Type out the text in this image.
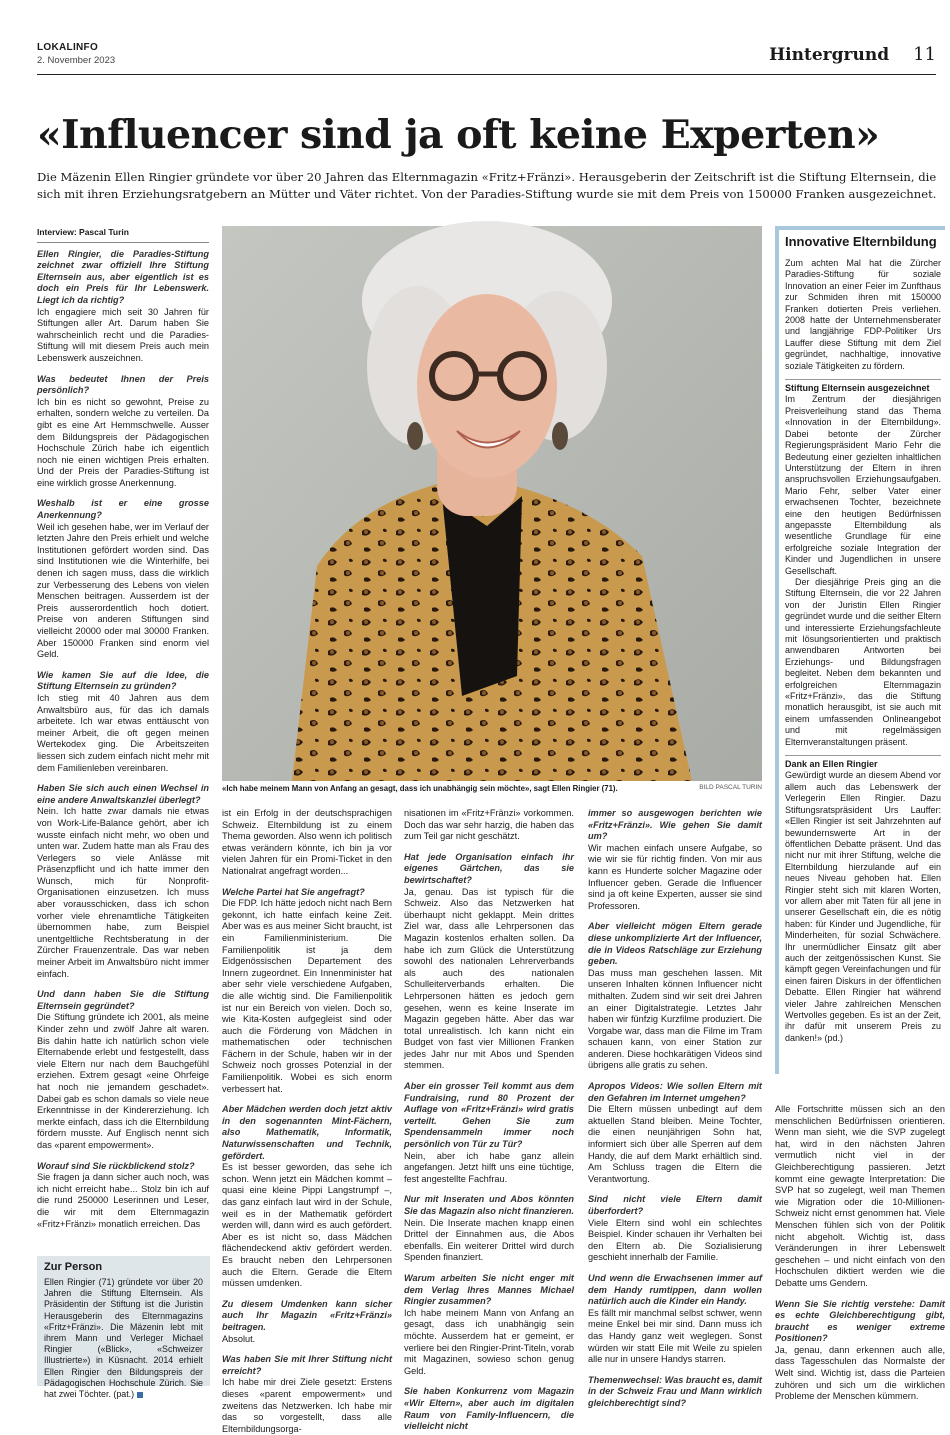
LOKALINFO
2. November 2023	Hintergrund 11
«Influencer sind ja oft keine Experten»

Die Mäzenin Ellen Ringier gründete vor über 20 Jahren das Elternmagazin «Fritz+Fränzi». Herausgeberin der Zeitschrift ist die Stiftung Elternsein, die sich mit ihren Erziehungsratgebern an Mütter und Väter richtet. Von der Paradies-Stiftung wurde sie mit dem Preis von 150000 Franken ausgezeichnet.

Interview: Pascal Turin

Ellen Ringier, die Paradies-Stiftung zeichnet zwar offiziell Ihre Stiftung Elternsein aus, aber eigentlich ist es doch ein Preis für Ihr Lebenswerk. Liegt ich da richtig?

Ich engagiere mich seit 30 Jahren für Stiftungen aller Art. Darum haben Sie wahrscheinlich recht und die Paradies-Stiftung will mit diesem Preis auch mein Lebenswerk auszeichnen.

Was bedeutet Ihnen der Preis persönlich?

Ich bin es nicht so gewohnt, Preise zu erhalten, sondern welche zu verteilen. Da gibt es eine Art Hemmschwelle. Ausser dem Bildungspreis der Pädagogischen Hochschule Zürich habe ich eigentlich noch nie einen wichtigen Preis erhalten. Und der Preis der Paradies-Stiftung ist eine wirklich grosse Anerkennung.

Weshalb ist er eine grosse Anerkennung?

Weil ich gesehen habe, wer im Verlauf der letzten Jahre den Preis erhielt und welche Institutionen gefördert worden sind. Das sind Institutionen wie die Winterhilfe, bei denen ich sagen muss, dass die wirklich zur Verbesserung des Lebens von vielen Menschen beitragen. Ausserdem ist der Preis ausserordentlich hoch dotiert. Preise von anderen Stiftungen sind vielleicht 20000 oder mal 30000 Franken. Aber 150000 Franken sind enorm viel Geld.

Wie kamen Sie auf die Idee, die Stiftung Elternsein zu gründen?

Ich stieg mit 40 Jahren aus dem Anwaltsbüro aus, für das ich damals arbeitete. Ich war etwas enttäuscht von meiner Arbeit, die oft gegen meinen Wertekodex ging. Die Arbeitszeiten liessen sich zudem einfach nicht mehr mit dem Familienleben vereinbaren.

Haben Sie sich auch einen Wechsel in eine andere Anwaltskanzlei überlegt?

Nein. Ich hatte zwar damals nie etwas von Work-Life-Balance gehört, aber ich wusste einfach nicht mehr, wo oben und unten war. Zudem hatte man als Frau des Verlegers so viele Anlässe mit Präsenzpflicht und ich hatte immer den Wunsch, mich für Nonprofit-Organisationen einzusetzen. Ich muss aber vorausschicken, dass ich schon vorher viele ehrenamtliche Tätigkeiten übernommen habe, zum Beispiel unentgeltliche Rechtsberatung in der Zürcher Frauenzentrale. Das war neben meiner Arbeit im Anwaltsbüro nicht immer einfach.

Und dann haben Sie die Stiftung Elternsein gegründet?

Die Stiftung gründete ich 2001, als meine Kinder zehn und zwölf Jahre alt waren. Bis dahin hatte ich natürlich schon viele Elternabende erlebt und festgestellt, dass viele Eltern nur nach dem Bauchgefühl erziehen. Extrem gesagt «eine Ohrfeige hat noch nie jemandem geschadet». Dabei gab es schon damals so viele neue Erkenntnisse in der Kindererziehung. Ich merkte einfach, dass ich die Elternbildung fördern musste. Auf Englisch nennt sich das «parent empowerment».

Worauf sind Sie rückblickend stolz?

Sie fragen ja dann sicher auch noch, was ich nicht erreicht habe... Stolz bin ich auf die rund 250000 Leserinnen und Leser, die wir mit dem Elternmagazin «Fritz+Fränzi» monatlich erreichen. Das

«Ich habe meinem Mann von Anfang an gesagt, dass ich unabhängig sein möchte», sagt Ellen Ringier (71).	BILD PASCAL TURIN

ist ein Erfolg in der deutschsprachigen Schweiz. Elternbildung ist zu einem Thema geworden. Also wenn ich politisch etwas verändern könnte, ich bin ja vor vielen Jahren für ein Promi-Ticket in den Nationalrat angefragt worden...

Welche Partei hat Sie angefragt?

Die FDP. Ich hätte jedoch nicht nach Bern gekonnt, ich hatte einfach keine Zeit. Aber was es aus meiner Sicht braucht, ist ein Familienministerium. Die Familienpolitik ist ja dem Eidgenössischen Departement des Innern zugeordnet. Ein Innenminister hat aber sehr viele verschiedene Aufgaben, die alle wichtig sind. Die Familienpolitik ist nur ein Bereich von vielen. Doch so, wie Kita-Kosten aufgegleist sind oder auch die Förderung von Mädchen in mathematischen oder technischen Fächern in der Schule, haben wir in der Schweiz noch grosses Potenzial in der Familienpolitik. Wobei es sich enorm verbessert hat.

Aber Mädchen werden doch jetzt aktiv in den sogenannten Mint-Fächern, also Mathematik, Informatik, Naturwissenschaften und Technik, gefördert.

Es ist besser geworden, das sehe ich schon. Wenn jetzt ein Mädchen kommt – quasi eine kleine Pippi Langstrumpf –, das ganz einfach laut wird in der Schule, weil es in der Mathematik gefördert werden will, dann wird es auch gefördert. Aber es ist nicht so, dass Mädchen flächendeckend aktiv gefördert werden. Es braucht neben den Lehrpersonen auch die Eltern. Gerade die Eltern müssen umdenken.

Zu diesem Umdenken kann sicher auch Ihr Magazin «Fritz+Fränzi» beitragen.

Absolut.

Was haben Sie mit Ihrer Stiftung nicht erreicht?

Ich habe mir drei Ziele gesetzt: Erstens dieses «parent empowerment» und zweitens das Netzwerken. Ich habe mir das so vorgestellt, dass alle Elternbildungsorga-

nisationen im «Fritz+Fränzi» vorkommen. Doch das war sehr harzig, die haben das zum Teil gar nicht geschätzt.

Hat jede Organisation einfach ihr eigenes Gärtchen, das sie bewirtschaftet?

Ja, genau. Das ist typisch für die Schweiz. Also das Netzwerken hat überhaupt nicht geklappt. Mein drittes Ziel war, dass alle Lehrpersonen das Magazin kostenlos erhalten sollen. Da habe ich zum Glück die Unterstützung sowohl des nationalen Lehrerverbands als auch des nationalen Schulleiterverbands erhalten. Die Lehrpersonen hätten es jedoch gern gesehen, wenn es keine Inserate im Magazin gegeben hätte. Aber das war total unrealistisch. Ich kann nicht ein Budget von fast vier Millionen Franken jedes Jahr nur mit Abos und Spenden stemmen.

Aber ein grosser Teil kommt aus dem Fundraising, rund 80 Prozent der Auflage von «Fritz+Fränzi» wird gratis verteilt. Gehen Sie zum Spendensammeln immer noch persönlich von Tür zu Tür?

Nein, aber ich habe ganz allein angefangen. Jetzt hilft uns eine tüchtige, fest angestellte Fachfrau.

Nur mit Inseraten und Abos könnten Sie das Magazin also nicht finanzieren.

Nein. Die Inserate machen knapp einen Drittel der Einnahmen aus, die Abos ebenfalls. Ein weiterer Drittel wird durch Spenden finanziert.

Warum arbeiten Sie nicht enger mit dem Verlag Ihres Mannes Michael Ringier zusammen?

Ich habe meinem Mann von Anfang an gesagt, dass ich unabhängig sein möchte. Ausserdem hat er gemeint, er verliere bei den Ringier-Print-Titeln, vorab mit Magazinen, sowieso schon genug Geld.

Sie haben Konkurrenz vom Magazin «Wir Eltern», aber auch im digitalen Raum von Family-Influencern, die vielleicht nicht

immer so ausgewogen berichten wie «Fritz+Fränzi». Wie gehen Sie damit um?

Wir machen einfach unsere Aufgabe, so wie wir sie für richtig finden. Von mir aus kann es Hunderte solcher Magazine oder Influencer geben. Gerade die Influencer sind ja oft keine Experten, ausser sie sind Professoren.

Aber vielleicht mögen Eltern gerade diese unkomplizierte Art der Influencer, die in Videos Ratschläge zur Erziehung geben.

Das muss man geschehen lassen. Mit unseren Inhalten können Influencer nicht mithalten. Zudem sind wir seit drei Jahren an einer Digitalstrategie. Letztes Jahr haben wir fünfzig Kurzfilme produziert. Die Vorgabe war, dass man die Filme im Tram schauen kann, von einer Station zur anderen. Diese hochkarätigen Videos sind übrigens alle gratis zu sehen.

Apropos Videos: Wie sollen Eltern mit den Gefahren im Internet umgehen?

Die Eltern müssen unbedingt auf dem aktuellen Stand bleiben. Meine Tochter, die einen neunjährigen Sohn hat, informiert sich über alle Sperren auf dem Handy, die auf dem Markt erhältlich sind. Am Schluss tragen die Eltern die Verantwortung.

Sind nicht viele Eltern damit überfordert?

Viele Eltern sind wohl ein schlechtes Beispiel. Kinder schauen ihr Verhalten bei den Eltern ab. Die Sozialisierung geschieht innerhalb der Familie.

Und wenn die Erwachsenen immer auf dem Handy rumtippen, dann wollen natürlich auch die Kinder ein Handy.

Es fällt mir manchmal selbst schwer, wenn meine Enkel bei mir sind. Dann muss ich das Handy ganz weit weglegen. Sonst würden wir statt Eile mit Weile zu spielen alle nur in unsere Handys starren.

Themenwechsel: Was braucht es, damit in der Schweiz Frau und Mann wirklich gleichberechtigt sind?

Innovative Elternbildung

Zum achten Mal hat die Zürcher Paradies-Stiftung für soziale Innovation an einer Feier im Zunfthaus zur Schmiden ihren mit 150000 Franken dotierten Preis verliehen. 2008 hatte der Unternehmensberater und langjährige FDP-Politiker Urs Lauffer diese Stiftung mit dem Ziel gegründet, nachhaltige, innovative soziale Tätigkeiten zu fördern.

Stiftung Elternsein ausgezeichnet

Im Zentrum der diesjährigen Preisverleihung stand das Thema «Innovation in der Elternbildung». Dabei betonte der Zürcher Regierungspräsident Mario Fehr die Bedeutung einer gezielten inhaltlichen Unterstützung der Eltern in ihren anspruchsvollen Erziehungsaufgaben. Mario Fehr, selber Vater einer erwachsenen Tochter, bezeichnete eine den heutigen Bedürfnissen angepasste Elternbildung als wesentliche Grundlage für eine erfolgreiche soziale Integration der Kinder und Jugendlichen in unsere Gesellschaft.

Der diesjährige Preis ging an die Stiftung Elternsein, die vor 22 Jahren von der Juristin Ellen Ringier gegründet wurde und die seither Eltern und interessierte Erziehungsfachleute mit lösungsorientierten und praktisch anwendbaren Antworten bei Erziehungs- und Bildungsfragen begleitet. Neben dem bekannten und erfolgreichen Elternmagazin «Fritz+Fränzi», das die Stiftung monatlich herausgibt, ist sie auch mit einem umfassenden Onlineangebot und mit regelmässigen Elternveranstaltungen präsent.

Dank an Ellen Ringier

Gewürdigt wurde an diesem Abend vor allem auch das Lebenswerk der Verlegerin Ellen Ringier. Dazu Stiftungsratspräsident Urs Lauffer: «Ellen Ringier ist seit Jahrzehnten auf bewundernswerte Art in der öffentlichen Debatte präsent. Und das nicht nur mit ihrer Stiftung, welche die Elternbildung hierzulande auf ein neues Niveau gehoben hat. Ellen Ringier steht sich mit klaren Worten, vor allem aber mit Taten für all jene in unserer Gesellschaft ein, die es nötig haben: für Kinder und Jugendliche, für Minderheiten, für sozial Schwächere. Ihr unermüdlicher Einsatz gilt aber auch der zeitgenössischen Kunst. Sie kämpft gegen Vereinfachungen und für einen fairen Diskurs in der öffentlichen Debatte. Ellen Ringier hat während vieler Jahre zahlreichen Menschen Wertvolles gegeben. Es ist an der Zeit, ihr dafür mit unserem Preis zu danken!» (pd.)

Alle Fortschritte müssen sich an den menschlichen Bedürfnissen orientieren. Wenn man sieht, wie die SVP zugelegt hat, wird in den nächsten Jahren vermutlich nicht viel in der Gleichberechtigung passieren. Jetzt kommt eine gewagte Interpretation: Die SVP hat so zugelegt, weil man Themen wie Migration oder die 10-Millionen-Schweiz nicht ernst genommen hat. Viele Menschen fühlen sich von der Politik nicht abgeholt. Wichtig ist, dass Veränderungen in ihrer Lebenswelt geschehen – und nicht einfach von den Hochschulen diktiert werden wie die Debatte ums Gendern.

Wenn Sie Sie richtig verstehe: Damit es echte Gleichberechtigung gibt, braucht es weniger extreme Positionen?

Ja, genau, dann erkennen auch alle, dass Tagesschulen das Normalste der Welt sind. Wichtig ist, dass die Parteien zuhören und sich um die wirklichen Probleme der Menschen kümmern.

Zur Person
Ellen Ringier (71) gründete vor über 20 Jahren die Stiftung Elternsein. Als Präsidentin der Stiftung ist die Juristin Herausgeberin des Elternmagazins «Fritz+Fränzi». Die Mäzenin lebt mit ihrem Mann und Verleger Michael Ringier («Blick», «Schweizer Illustrierte») in Küsnacht. 2014 erhielt Ellen Ringier den Bildungspreis der Pädagogischen Hochschule Zürich. Sie hat zwei Töchter. (pat.)
